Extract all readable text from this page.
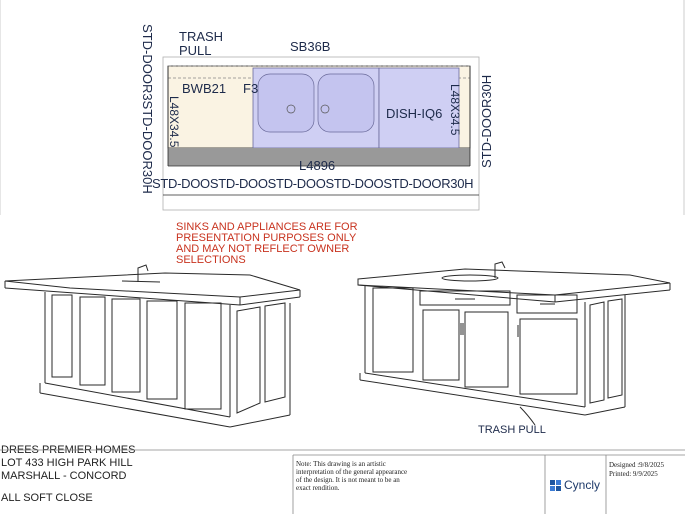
TRASH
PULL	SB36B
BWB21 F3
DISH-IQ6
L4896
STD-DOOSTD-DOOSTD-DOOSTD-DOOSTD-DOOR30H
STD-DOOR3STD-DOOR30H L48X34.5	STD-DOOR30H
L48X34.5
SINKS AND APPLIANCES ARE FOR PRESENTATION PURPOSES ONLY AND MAY NOT REFLECT OWNER SELECTIONS
TRASH PULL
DREES PREMIER HOMES
LOT 433 HIGH PARK HILL
MARSHALL - CONCORD
ALL SOFT CLOSE
Note: This drawing is an artistic interpretation of the general appearance of the design. It is not meant to be an exact rendition.	Cyncly
Designed :9/8/2025
Printed: 9/9/2025
